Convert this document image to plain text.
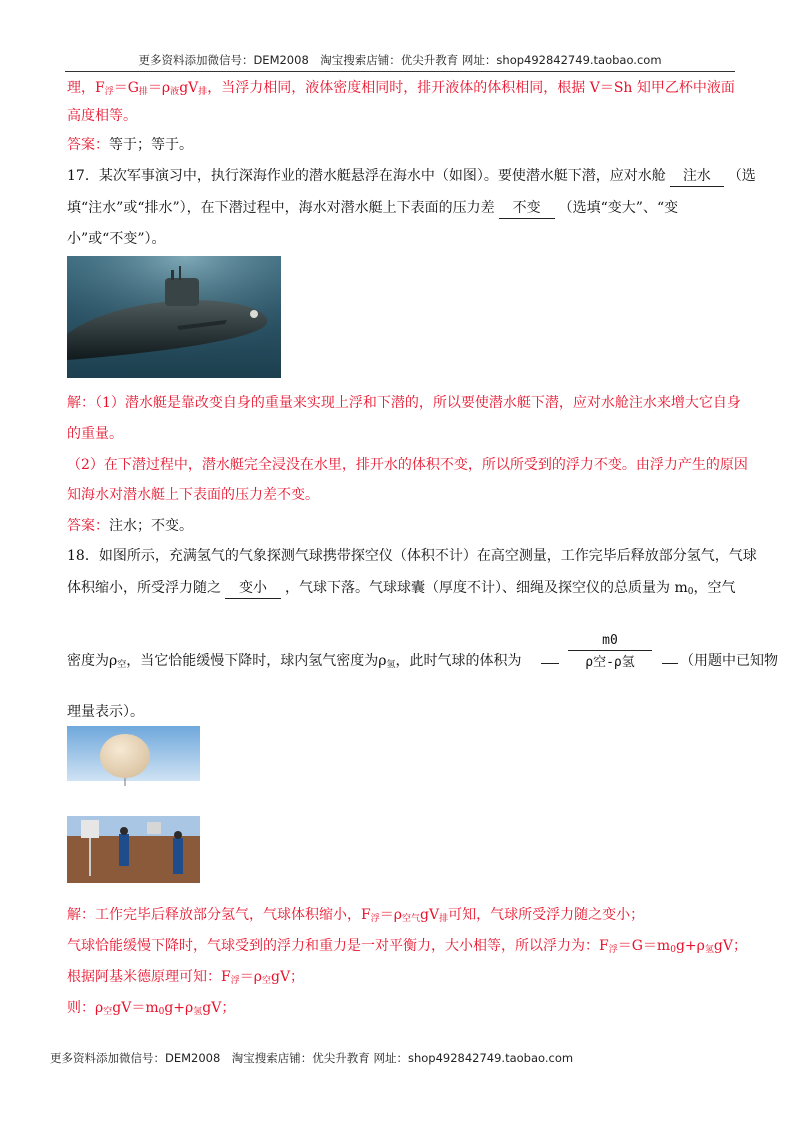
更多资料添加微信号：DEM2008　淘宝搜索店铺：优尖升教育 网址：shop492842749.taobao.com
理，F浮＝G排＝ρ液gV排，当浮力相同，液体密度相同时，排开液体的体积相同，根据 V＝Sh 知甲乙杯中液面
高度相等。
答案：等于；等于。
17．某次军事演习中，执行深海作业的潜水艇悬浮在海水中（如图）。要使潜水艇下潜，应对水舱 注水 （选
填“注水”或“排水”），在下潜过程中，海水对潜水艇上下表面的压力差 不变 （选填“变大”、“变
小”或“不变”）。
解：（1）潜水艇是靠改变自身的重量来实现上浮和下潜的，所以要使潜水艇下潜，应对水舱注水来增大它自身
的重量。
（2）在下潜过程中，潜水艇完全浸没在水里，排开水的体积不变，所以所受到的浮力不变。由浮力产生的原因
知海水对潜水艇上下表面的压力差不变。
答案：注水；不变。
18．如图所示，充满氢气的气象探测气球携带探空仪（体积不计）在高空测量，工作完毕后释放部分氢气，气球
体积缩小，所受浮力随之 变小 ，气球下落。气球球囊（厚度不计）、细绳及探空仪的总质量为 m0，空气
密度为ρ空，当它恰能缓慢下降时，球内氢气密度为ρ氢，此时气球的体积为
m0
ρ空-ρ氢	（用题中已知物
理量表示）。
解：工作完毕后释放部分氢气，气球体积缩小，F浮＝ρ空气gV排可知，气球所受浮力随之变小；
气球恰能缓慢下降时，气球受到的浮力和重力是一对平衡力，大小相等，所以浮力为：F浮＝G＝m0g+ρ氢gV；
根据阿基米德原理可知：F浮＝ρ空gV；
则：ρ空gV＝m0g+ρ氢gV；
更多资料添加微信号：DEM2008　淘宝搜索店铺：优尖升教育 网址：shop492842749.taobao.com
